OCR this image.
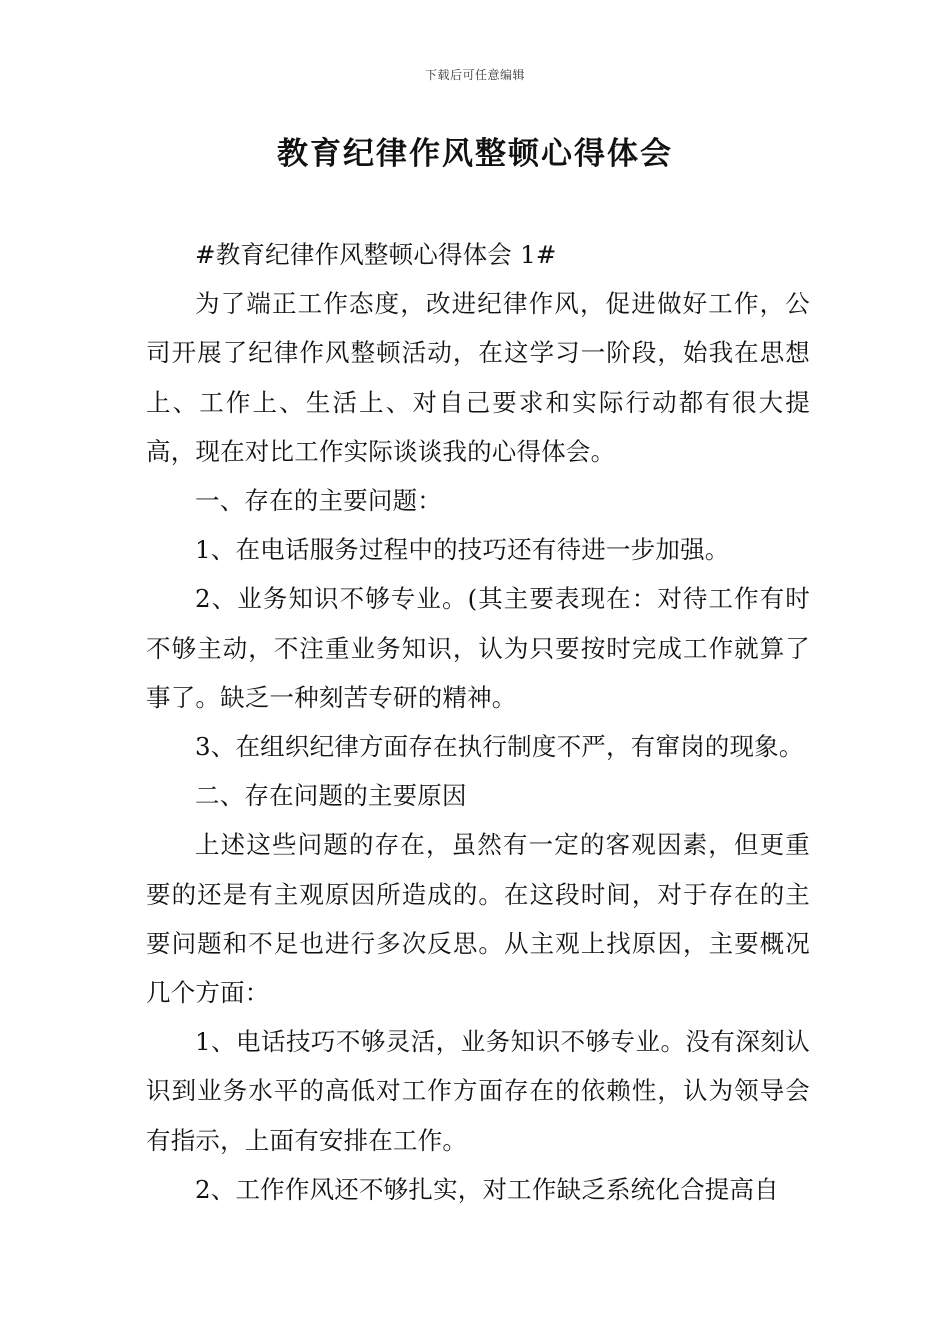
下载后可任意编辑
教育纪律作风整顿心得体会

#教育纪律作风整顿心得体会 1#

为了端正工作态度，改进纪律作风，促进做好工作，公司开展了纪律作风整顿活动，在这学习一阶段，始我在思想上、工作上、生活上、对自己要求和实际行动都有很大提高，现在对比工作实际谈谈我的心得体会。

一、存在的主要问题：

1、在电话服务过程中的技巧还有待进一步加强。

2、业务知识不够专业。(其主要表现在：对待工作有时不够主动，不注重业务知识，认为只要按时完成工作就算了事了。缺乏一种刻苦专研的精神。

3、在组织纪律方面存在执行制度不严，有窜岗的现象。

二、存在问题的主要原因

上述这些问题的存在，虽然有一定的客观因素，但更重要的还是有主观原因所造成的。在这段时间，对于存在的主要问题和不足也进行多次反思。从主观上找原因，主要概况几个方面：

1、电话技巧不够灵活，业务知识不够专业。没有深刻认识到业务水平的高低对工作方面存在的依赖性，认为领导会有指示，上面有安排在工作。

2、工作作风还不够扎实，对工作缺乏系统化合提高自
